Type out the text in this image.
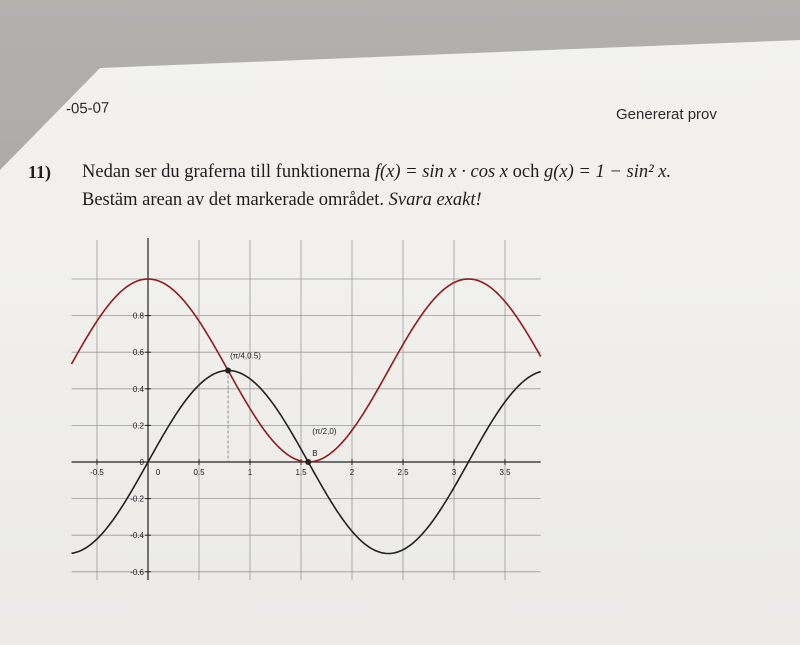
-05-07	Genererat prov

11) Nedan ser du graferna till funktionerna f(x) = sin x · cos x och g(x) = 1 − sin² x.

Bestäm arean av det markerade området. Svara exakt!

-0.5	0	0.5	1	1.5	2	2.5	3	3.5
0.8
0.6
0.4
0.2
0
-0.2
-0.4
-0.6
(π/4,0.5)
(π/2,0)
B
